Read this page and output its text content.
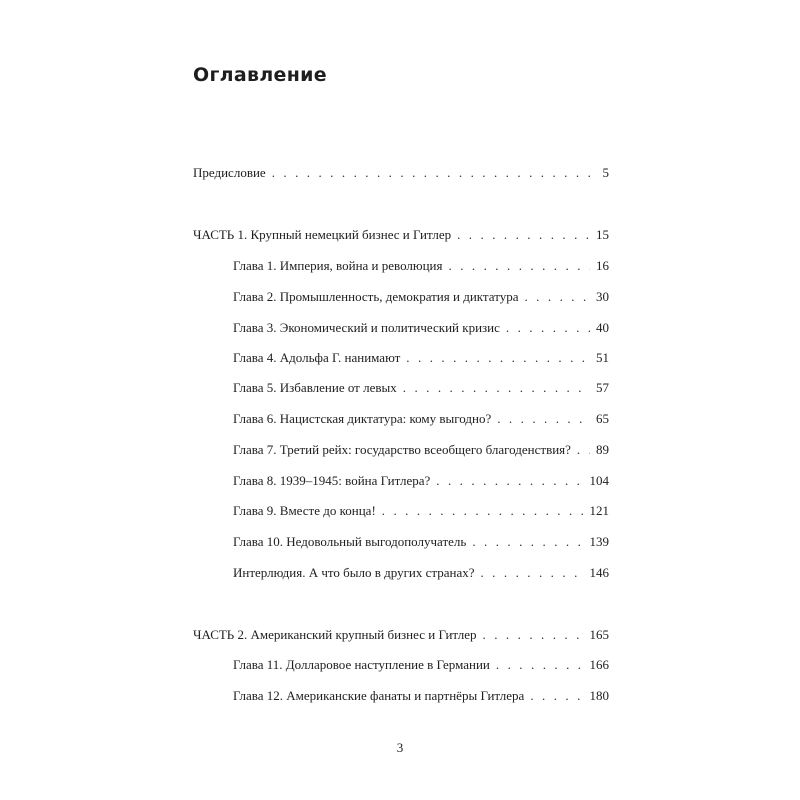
Оглавление
Предисловие . . .	5
ЧАСТЬ 1. Крупный немецкий бизнес и Гитлер . . .	15
Глава 1. Империя, война и революция . . .	16
Глава 2. Промышленность, демократия и диктатура . . .	30
Глава 3. Экономический и политический кризис . . .	40
Глава 4. Адольфа Г. нанимают . . .	51
Глава 5. Избавление от левых . . .	57
Глава 6. Нацистская диктатура: кому выгодно? . . .	65
Глава 7. Третий рейх: государство всеобщего благоденствия? . . . 89
Глава 8. 1939–1945: война Гитлера? . . .	104
Глава 9. Вместе до конца! . . .	121
Глава 10. Недовольный выгодополучатель . . .	139
Интерлюдия. А что было в других странах? . . .	146
ЧАСТЬ 2. Американский крупный бизнес и Гитлер . . .	165
Глава 11. Долларовое наступление в Германии . . .	166
Глава 12. Американские фанаты и партнёры Гитлера . . .	180
3
